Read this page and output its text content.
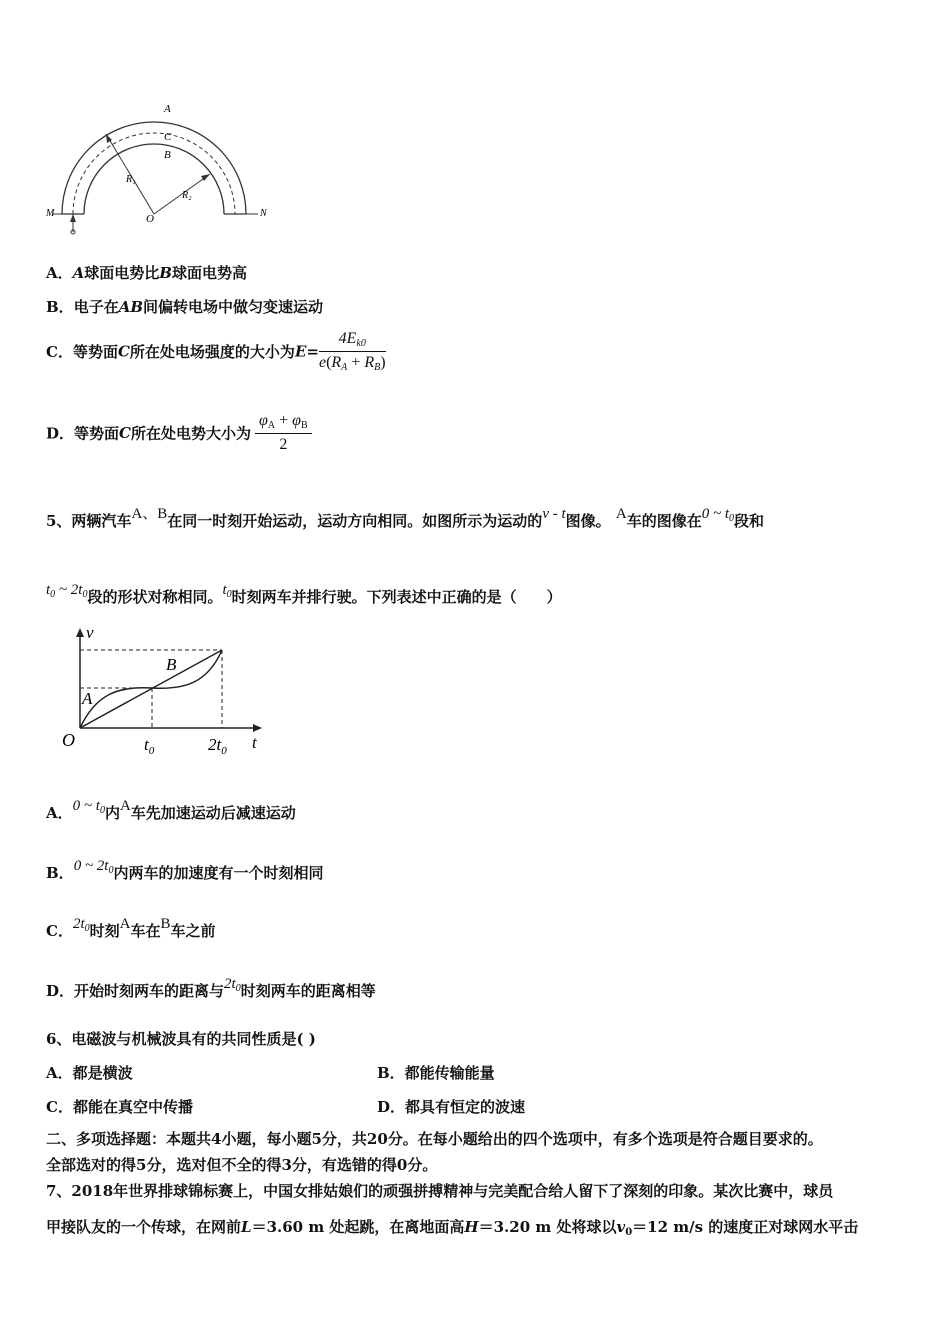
A
C
B
R₁
R₂
O
M	N
A．A球面电势比B球面电势高
B．电子在AB间偏转电场中做匀变速运动
C．等势面C所在处电场强度的大小为$E= \frac{4E_{k0}}{e(R_A + R_B)}$
D．等势面C所在处电势大小为 $\frac{\varphi_A + \varphi_B}{2}$
5、两辆汽车A、B在同一时刻开始运动，运动方向相同。如图所示为运动的v - t图像。 A车的图像在0 ~ $t_0$段和
$t_0$ ~ $2t_0$段的形状对称相同。$t_0$时刻两车并排行驶。下列表述中正确的是（　　）
v
B
A
O	$t_0$	$2t_0$ t
A．0 ~ $t_0$内A车先加速运动后减速运动
B．0 ~ $2t_0$内两车的加速度有一个时刻相同
C．$2t_0$时刻A车在B车之前
D．开始时刻两车的距离与$2t_0$时刻两车的距离相等
6、电磁波与机械波具有的共同性质是( )
A．都是横波	B．都能传输能量
C．都能在真空中传播	D．都具有恒定的波速
二、多项选择题：本题共4小题，每小题5分，共20分。在每小题给出的四个选项中，有多个选项是符合题目要求的。
全部选对的得5分，选对但不全的得3分，有选错的得0分。
7、2018年世界排球锦标赛上，中国女排姑娘们的顽强拼搏精神与完美配合给人留下了深刻的印象。某次比赛中，球员
甲接队友的一个传球，在网前L＝3.60 m 处起跳，在离地面高H＝3.20 m 处将球以$v_0=12$ m/s 的速度正对球网水平击
